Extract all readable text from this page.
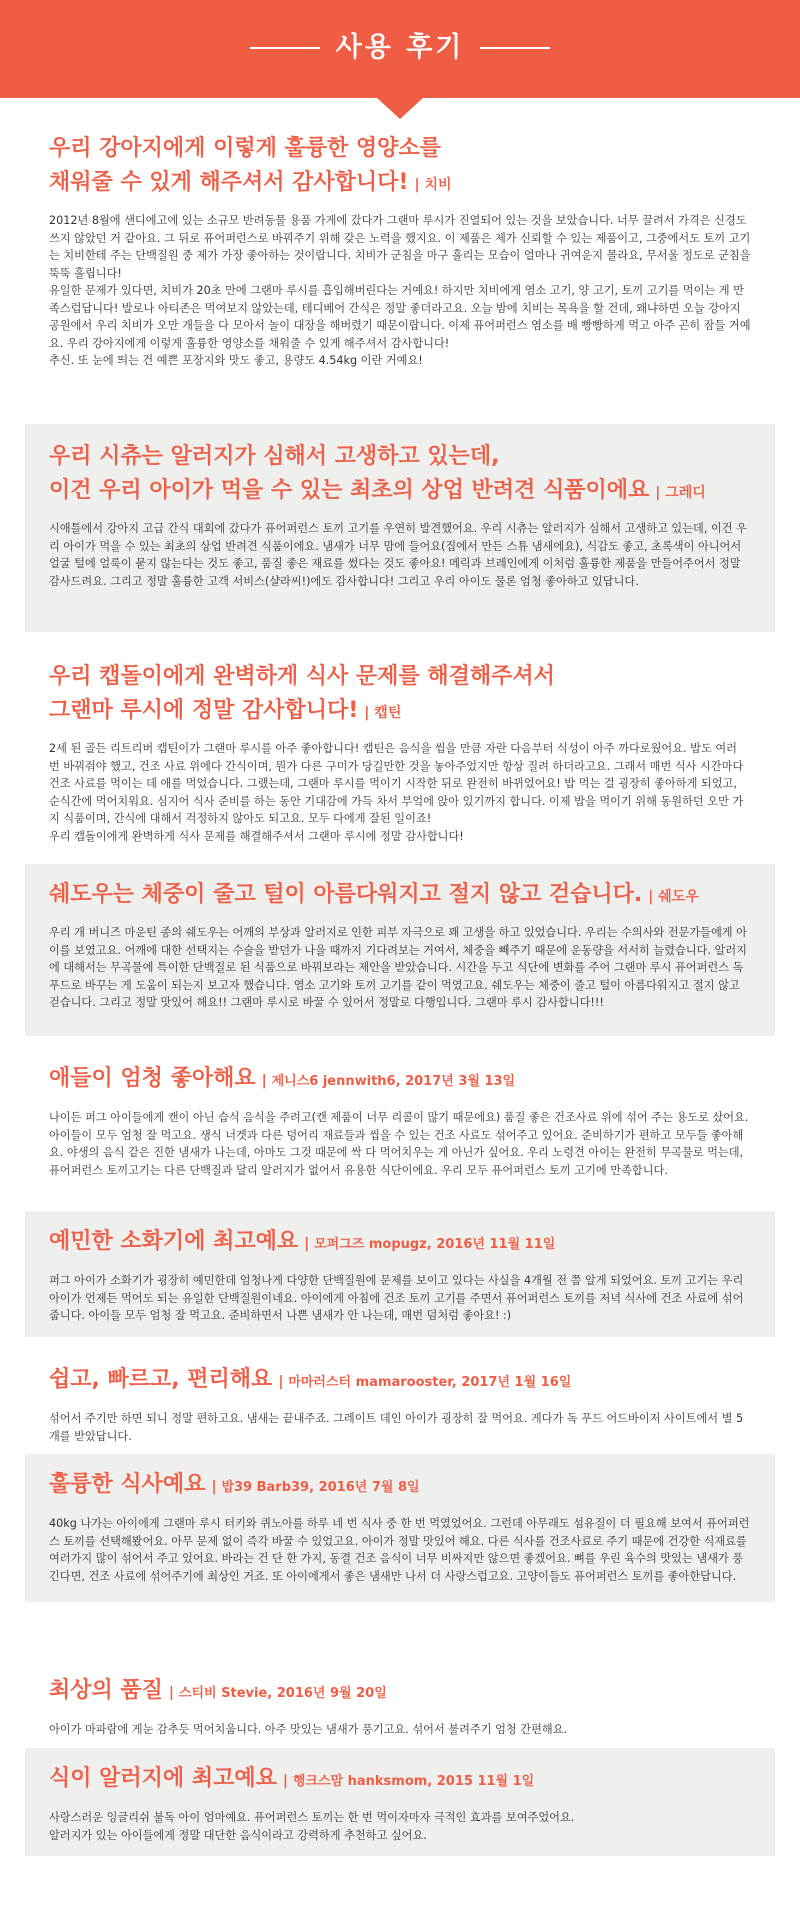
사용 후기
우리 강아지에게 이렇게 훌륭한 영양소를
채워줄 수 있게 해주셔서 감사합니다! | 치비

2012년 8월에 샌디에고에 있는 소규모 반려동물 용품 가게에 갔다가 그랜마 루시가 진열되어 있는 것을 보았습니다. 너무 끌려서 가격은 신경도 쓰지 않았던 거 같아요. 그 뒤로 퓨어퍼런스로 바꿔주기 위해 갖은 노력을 했지요. 이 제품은 제가 신뢰할 수 있는 제품이고, 그중에서도 토끼 고기는 치비한테 주는 단백질원 중 제가 가장 좋아하는 것이랍니다. 치비가 군침을 마구 흘리는 모습이 얼마나 귀여운지 몰라요, 무서울 정도로 군침을 뚝뚝 흘립니다!

유일한 문제가 있다면, 치비가 20초 만에 그랜마 루시를 흡입해버린다는 거예요! 하지만 치비에게 염소 고기, 양 고기, 토끼 고기를 먹이는 게 만족스럽답니다! 발로나 아티존은 먹여보지 않았는데, 테디베어 간식은 정말 좋더라고요. 오늘 밤에 치비는 목욕을 할 건데, 왜냐하면 오늘 강아지 공원에서 우리 치비가 오만 개들을 다 모아서 놀이 대장을 해버렸기 때문이랍니다. 이제 퓨어퍼런스 염소를 배 빵빵하게 먹고 아주 곤히 잠들 거예요. 우리 강아지에게 이렇게 훌륭한 영양소를 채워줄 수 있게 해주셔서 감사합니다!

추신. 또 눈에 띄는 건 예쁜 포장지와 맛도 좋고, 용량도 4.54kg 이란 거예요!

우리 시츄는 알러지가 심해서 고생하고 있는데,
이건 우리 아이가 먹을 수 있는 최초의 상업 반려견 식품이에요 | 그레디

시애틀에서 강아지 고급 간식 대회에 갔다가 퓨어퍼런스 토끼 고기를 우연히 발견했어요. 우리 시츄는 알러지가 심해서 고생하고 있는데, 이건 우리 아이가 먹을 수 있는 최초의 상업 반려견 식품이에요. 냄새가 너무 맘에 들어요(집에서 만든 스튜 냄새에요), 식감도 좋고, 초록색이 아니어서 얼굴 털에 얼룩이 묻지 않는다는 것도 좋고, 품질 좋은 재료를 썼다는 것도 좋아요! 메릭과 브레인에게 이처럼 훌륭한 제품을 만들어주어서 정말 감사드려요. 그리고 정말 훌륭한 고객 서비스(샬라씨!)에도 감사합니다! 그리고 우리 아이도 물론 엄청 좋아하고 있답니다.

우리 캡돌이에게 완벽하게 식사 문제를 해결해주셔서
그랜마 루시에 정말 감사합니다! | 캡틴

2세 된 골든 리트리버 캡틴이가 그랜마 루시를 아주 좋아합니다! 캡틴은 음식을 씹을 만큼 자란 다음부터 식성이 아주 까다로웠어요. 밥도 여러 번 바꿔줘야 했고, 건조 사료 위에다 간식이며, 뭔가 다른 구미가 당길만한 것을 놓아주었지만 항상 질려 하더라고요. 그래서 매번 식사 시간마다 건조 사료를 먹이는 데 애를 먹었습니다. 그랬는데, 그랜마 루시를 먹이기 시작한 뒤로 완전히 바뀌었어요! 밥 먹는 걸 굉장히 좋아하게 되었고, 순식간에 먹어치워요. 심지어 식사 준비를 하는 동안 기대감에 가득 차서 부엌에 앉아 있기까지 합니다. 이제 밥을 먹이기 위해 동원하던 오만 가지 식품이며, 간식에 대해서 걱정하지 않아도 되고요. 모두 다에게 잘된 일이죠!

우리 캡돌이에게 완벽하게 식사 문제를 해결해주셔서 그랜마 루시에 정말 감사합니다!

쉐도우는 체중이 줄고 털이 아름다워지고 절지 않고 걷습니다. | 쉐도우

우리 개 버니즈 마운틴 종의 쉐도우는 어깨의 부상과 알러지로 인한 피부 자극으로 꽤 고생을 하고 있었습니다. 우리는 수의사와 전문가들에게 아이를 보였고요. 어깨에 대한 선택지는 수술을 받던가 나을 때까지 기다려보는 거여서, 체중을 빼주기 때문에 운동량을 서서히 늘렸습니다. 알러지에 대해서는 무곡물에 특이한 단백질로 된 식품으로 바꿔보라는 제안을 받았습니다. 시간을 두고 식단에 변화를 주어 그랜마 루시 퓨어퍼런스 독 푸드로 바꾸는 게 도움이 되는지 보고자 했습니다. 염소 고기와 토끼 고기를 같이 먹였고요. 쉐도우는 체중이 줄고 털이 아름다워지고 절지 않고 걷습니다. 그리고 정말 맛있어 해요!! 그랜마 루시로 바꿀 수 있어서 정말로 다행입니다. 그랜마 루시 감사합니다!!!

애들이 엄청 좋아해요 | 제니스6 jennwith6, 2017년 3월 13일

나이든 퍼그 아이들에게 캔이 아닌 습식 음식을 주려고(캔 제품이 너무 리콜이 많기 때문에요) 품질 좋은 건조사료 위에 섞어 주는 용도로 샀어요. 아이들이 모두 엄청 잘 먹고요. 생식 너겟과 다른 덩어리 재료들과 씹을 수 있는 건조 사료도 섞어주고 있어요. 준비하기가 편하고 모두들 좋아해요. 야생의 음식 같은 진한 냄새가 나는데, 아마도 그것 때문에 싹 다 먹어치우는 게 아닌가 싶어요. 우리 노령견 아이는 완전히 무곡물로 먹는데, 퓨어퍼런스 토끼고기는 다른 단백질과 달리 알러지가 없어서 유용한 식단이에요. 우리 모두 퓨어퍼런스 토끼 고기에 만족합니다.

예민한 소화기에 최고예요 | 모퍼그즈 mopugz, 2016년 11월 11일

퍼그 아이가 소화기가 굉장히 예민한데 엄청나게 다양한 단백질원에 문제를 보이고 있다는 사실을 4개월 전 쯤 알게 되었어요. 토끼 고기는 우리 아이가 언제든 먹어도 되는 유일한 단백질원이네요. 아이에게 아침에 건조 토끼 고기를 주면서 퓨어퍼런스 토끼를 저녁 식사에 건조 사료에 섞어 줍니다. 아이들 모두 엄청 잘 먹고요. 준비하면서 나쁜 냄새가 안 나는데, 매번 덤처럼 좋아요! :)

쉽고, 빠르고, 편리해요 | 마마러스터 mamarooster, 2017년 1월 16일

섞어서 주기만 하면 되니 정말 편하고요. 냄새는 끝내주죠. 그레이트 데인 아이가 굉장히 잘 먹어요. 게다가 독 푸드 어드바이저 사이트에서 별 5개를 받았답니다.

훌륭한 식사예요 | 밥39 Barb39, 2016년 7월 8일

40kg 나가는 아이에게 그랜마 루시 터키와 퀴노아를 하루 네 번 식사 중 한 번 먹였었어요. 그런데 아무래도 섬유질이 더 필요해 보여서 퓨어퍼런스 토끼를 선택해봤어요. 아무 문제 없이 즉각 바꿀 수 있었고요. 아이가 정말 맛있어 해요. 다른 식사를 건조사료로 주기 때문에 건강한 식재료를 여러가지 많이 섞어서 주고 있어요. 바라는 건 단 한 가지, 동결 건조 음식이 너무 비싸지만 않으면 좋겠어요. 뼈를 우린 육수의 맛있는 냄새가 풍긴다면, 건조 사료에 섞어주기에 최상인 거죠. 또 아이에게서 좋은 냄새만 나서 더 사랑스럽고요. 고양이들도 퓨어퍼런스 토끼를 좋아한답니다.

최상의 품질 | 스티비 Stevie, 2016년 9월 20일

아이가 마파람에 게눈 감추듯 먹어치웁니다. 아주 맛있는 냄새가 풍기고요. 섞어서 불려주기 엄청 간편해요.

식이 알러지에 최고예요 | 행크스맘 hanksmom, 2015 11월 1일

사랑스러운 잉글리쉬 불독 아이 엄마예요. 퓨어퍼런스 토끼는 한 번 먹이자마자 극적인 효과를 보여주었어요.

알러지가 있는 아이들에게 정말 대단한 음식이라고 강력하게 추천하고 싶어요.
